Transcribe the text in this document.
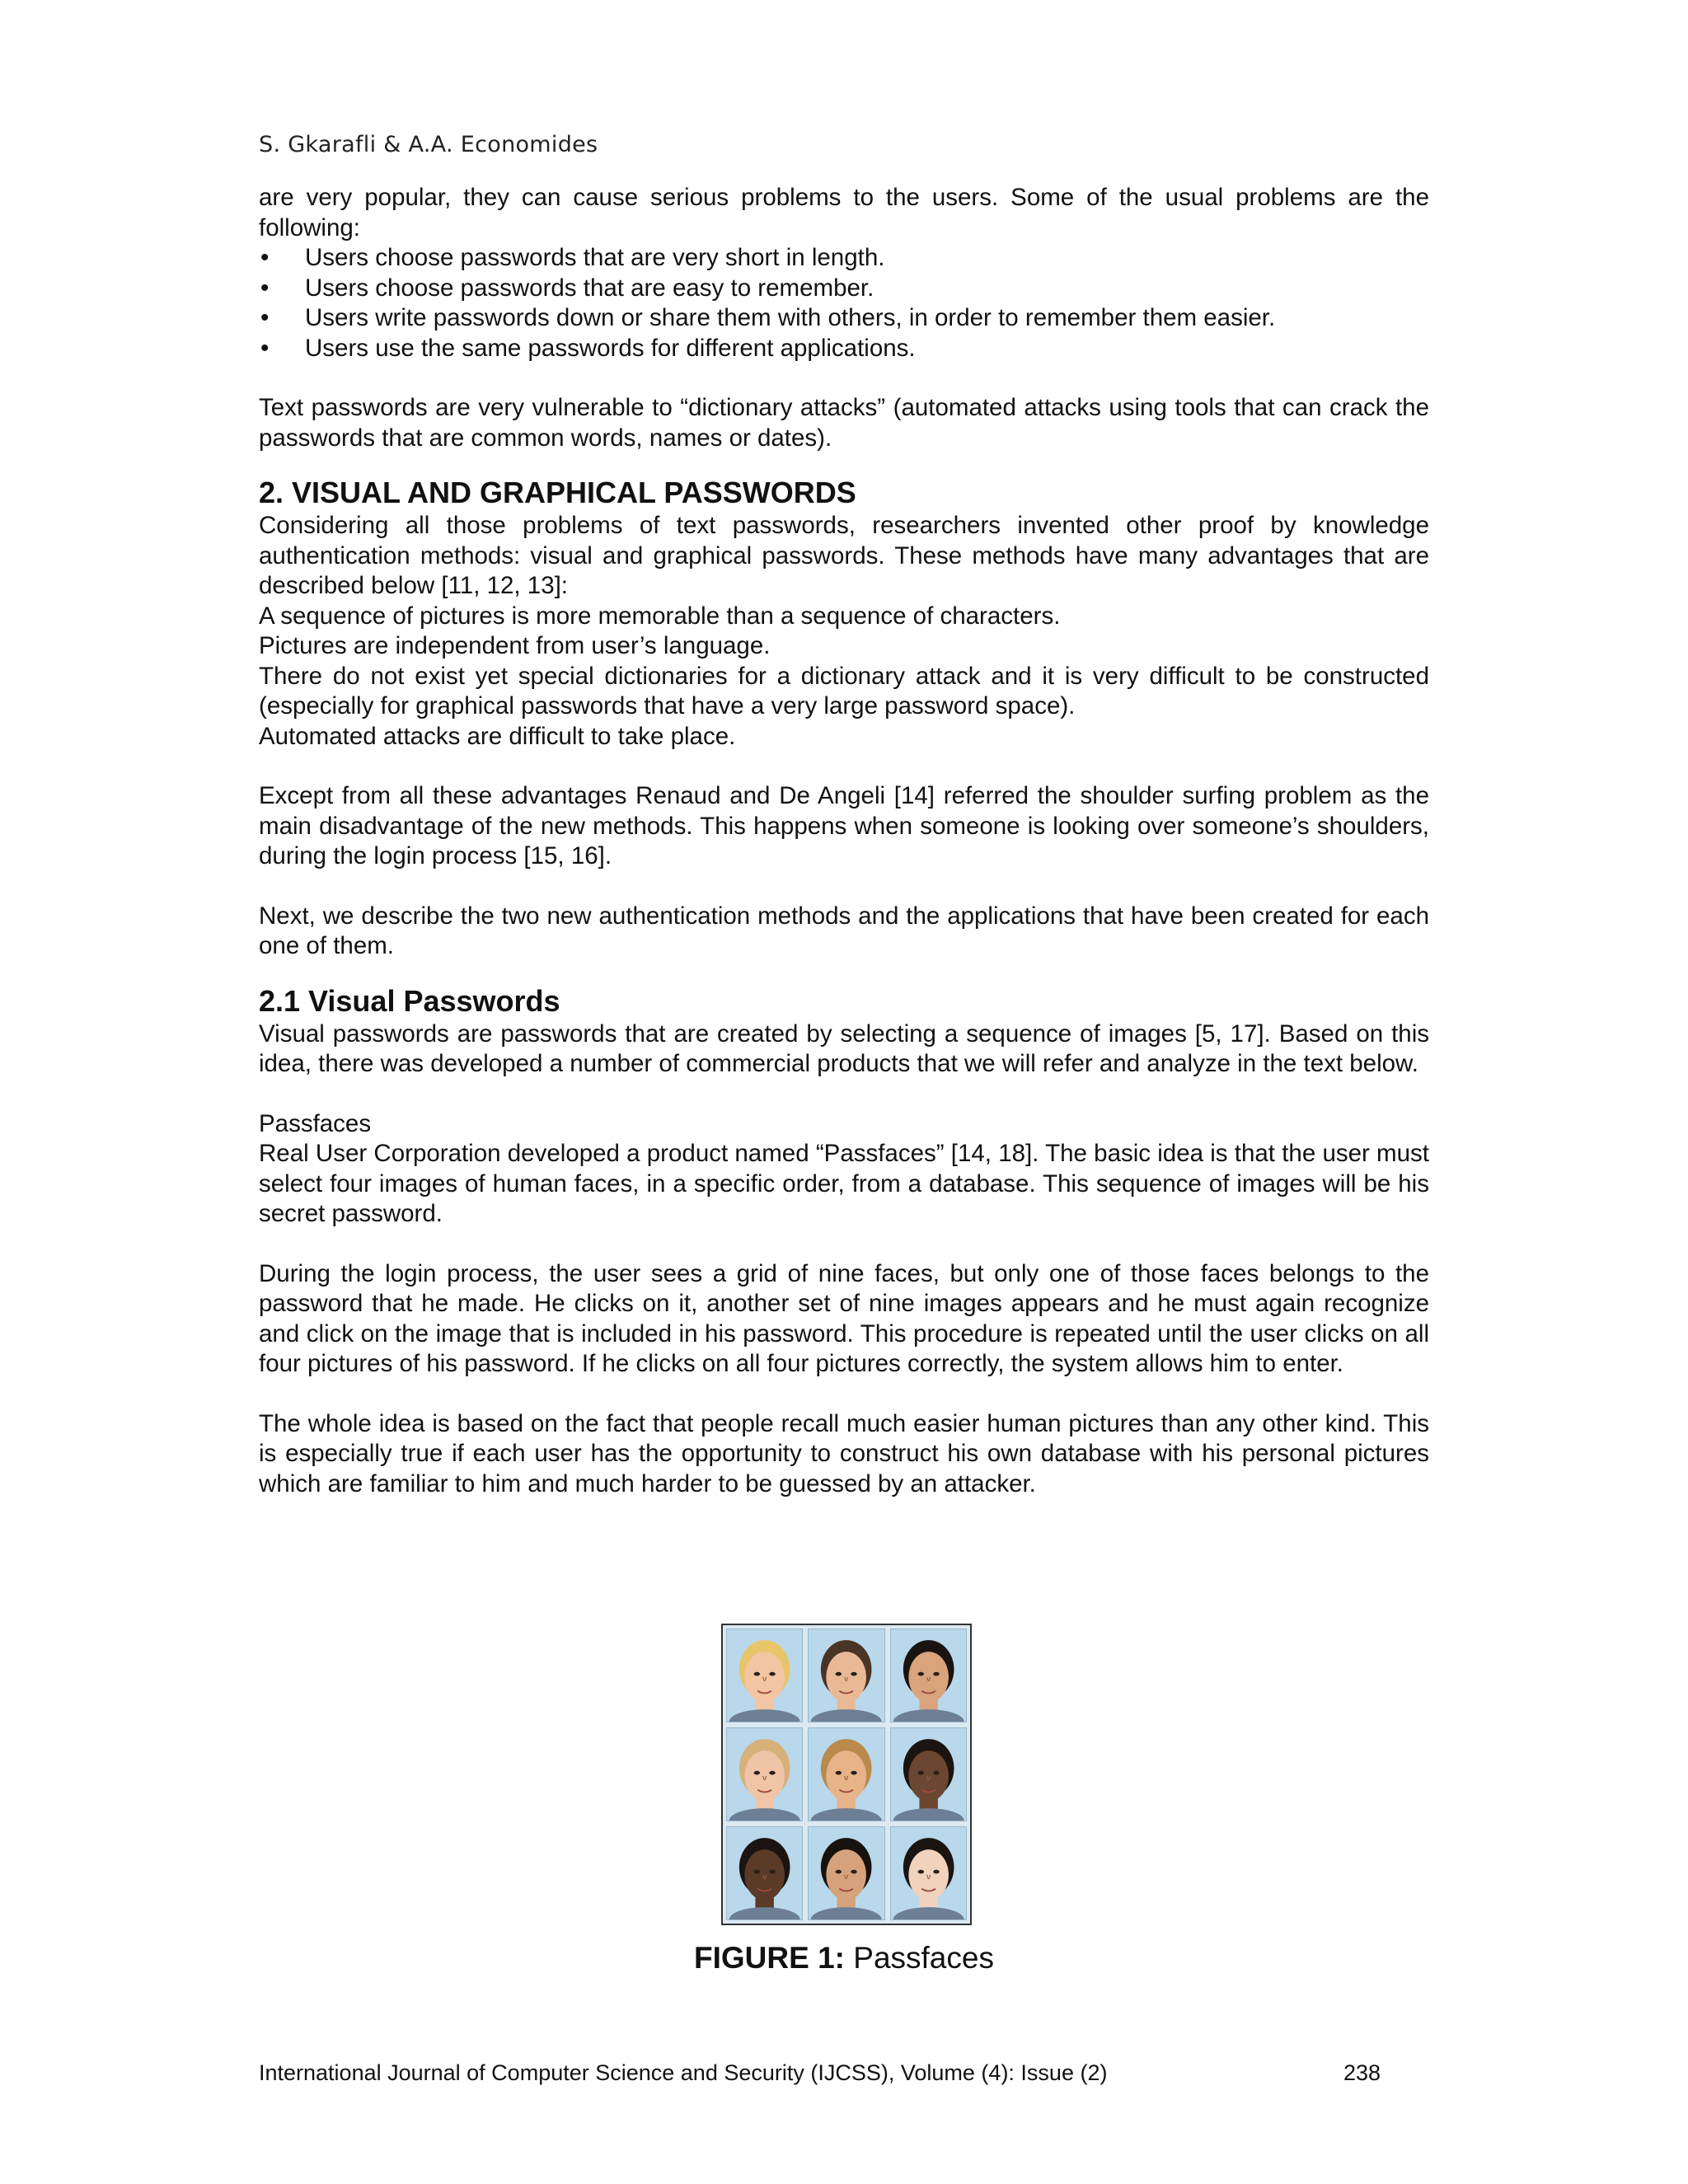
S. Gkarafli & A.A. Economides

are very popular, they can cause serious problems to the users. Some of the usual problems are the following:

• Users choose passwords that are very short in length.
• Users choose passwords that are easy to remember.
• Users write passwords down or share them with others, in order to remember them easier.
• Users use the same passwords for different applications.

Text passwords are very vulnerable to “dictionary attacks” (automated attacks using tools that can crack the passwords that are common words, names or dates).

2. VISUAL AND GRAPHICAL PASSWORDS

Considering all those problems of text passwords, researchers invented other proof by knowledge authentication methods: visual and graphical passwords. These methods have many advantages that are described below [11, 12, 13]:

A sequence of pictures is more memorable than a sequence of characters.

Pictures are independent from user’s language.

There do not exist yet special dictionaries for a dictionary attack and it is very difficult to be constructed (especially for graphical passwords that have a very large password space).

Automated attacks are difficult to take place.

Except from all these advantages Renaud and De Angeli [14] referred the shoulder surfing problem as the main disadvantage of the new methods. This happens when someone is looking over someone’s shoulders, during the login process [15, 16].

Next, we describe the two new authentication methods and the applications that have been created for each one of them.

2.1 Visual Passwords

Visual passwords are passwords that are created by selecting a sequence of images [5, 17]. Based on this idea, there was developed a number of commercial products that we will refer and analyze in the text below.

Passfaces

Real User Corporation developed a product named “Passfaces” [14, 18]. The basic idea is that the user must select four images of human faces, in a specific order, from a database. This sequence of images will be his secret password.

During the login process, the user sees a grid of nine faces, but only one of those faces belongs to the password that he made. He clicks on it, another set of nine images appears and he must again recognize and click on the image that is included in his password. This procedure is repeated until the user clicks on all four pictures of his password. If he clicks on all four pictures correctly, the system allows him to enter.

The whole idea is based on the fact that people recall much easier human pictures than any other kind. This is especially true if each user has the opportunity to construct his own database with his personal pictures which are familiar to him and much harder to be guessed by an attacker.

FIGURE 1: Passfaces
International Journal of Computer Science and Security (IJCSS), Volume (4): Issue (2)	238
